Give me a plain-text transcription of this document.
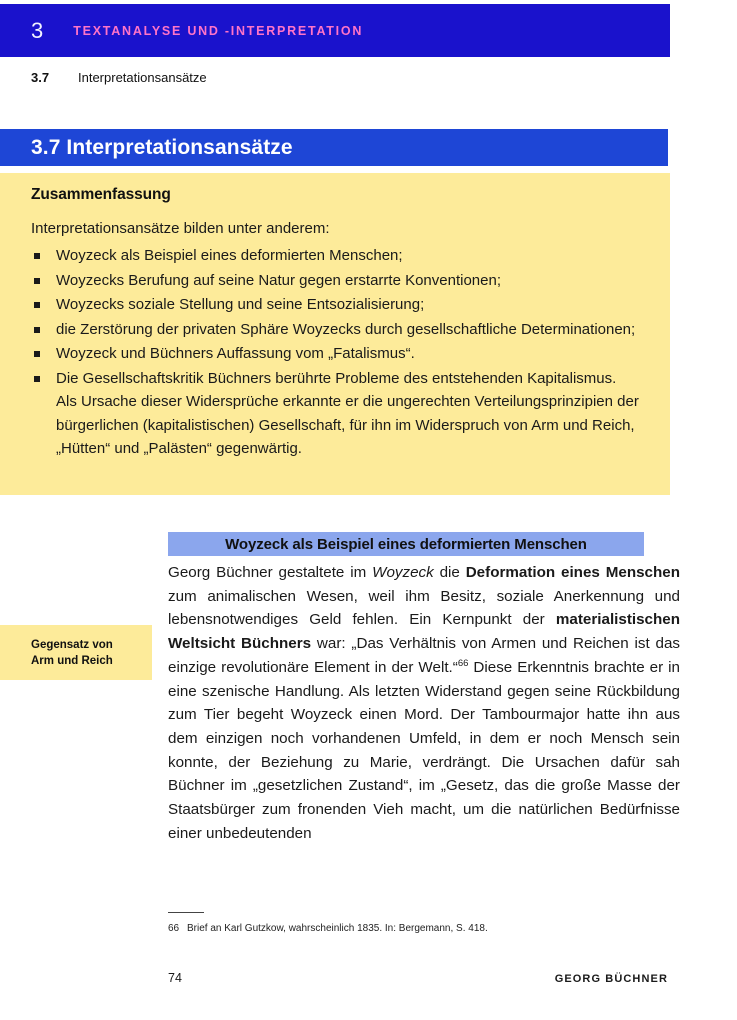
3 TEXTANALYSE UND -INTERPRETATION
3.7	Interpretationsansätze
3.7 Interpretationsansätze
Zusammenfassung

Interpretationsansätze bilden unter anderem:

Woyzeck als Beispiel eines deformierten Menschen;
Woyzecks Berufung auf seine Natur gegen erstarrte Konventionen;
Woyzecks soziale Stellung und seine Entsozialisierung;
die Zerstörung der privaten Sphäre Woyzecks durch gesellschaftliche Determinationen;
Woyzeck und Büchners Auffassung vom „Fatalismus“.
Die Gesellschaftskritik Büchners berührte Probleme des entstehenden Kapitalismus. Als Ursache dieser Widersprüche erkannte er die ungerechten Verteilungsprinzipien der bürgerlichen (kapitalistischen) Gesellschaft, für ihn im Widerspruch von Arm und Reich, „Hütten“ und „Palästen“ gegenwärtig.
Gegensatz von
Arm und Reich
Woyzeck als Beispiel eines deformierten Menschen

Georg Büchner gestaltete im Woyzeck die Deformation eines Menschen zum animalischen Wesen, weil ihm Besitz, soziale Anerkennung und lebensnotwendiges Geld fehlen. Ein Kernpunkt der materialistischen Weltsicht Büchners war: „Das Verhältnis von Armen und Reichen ist das einzige revolutionäre Element in der Welt.“$^{66}$ Diese Erkenntnis brachte er in eine szenische Handlung. Als letzten Widerstand gegen seine Rückbildung zum Tier begeht Woyzeck einen Mord. Der Tambourmajor hatte ihn aus dem einzigen noch vorhandenen Umfeld, in dem er noch Mensch sein konnte, der Beziehung zu Marie, verdrängt. Die Ursachen dafür sah Büchner im „gesetzlichen Zustand“, im „Gesetz, das die große Masse der Staatsbürger zum fronenden Vieh macht, um die natürlichen Bedürfnisse einer unbedeutenden

66 Brief an Karl Gutzkow, wahrscheinlich 1835. In: Bergemann, S. 418.
74	GEORG BÜCHNER
